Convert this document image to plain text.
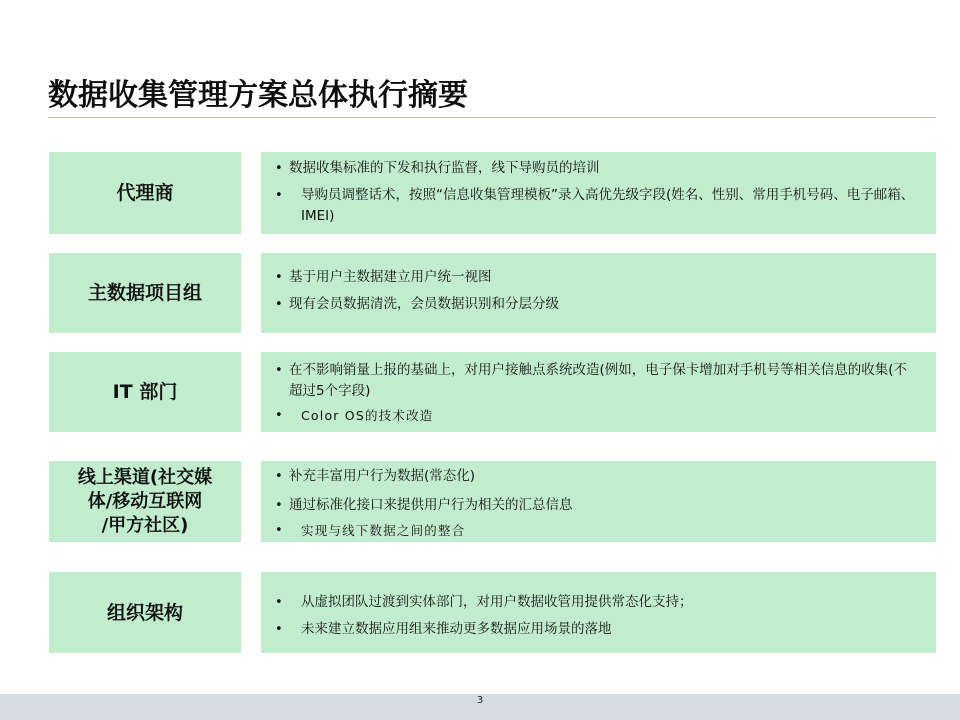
数据收集管理方案总体执行摘要
代理商
• 数据收集标准的下发和执行监督，线下导购员的培训
•	导购员调整话术，按照“信息收集管理模板”录入高优先级字段(姓名、性别、常用手机号码、电子邮箱、 IMEI)
主数据项目组
• 基于用户主数据建立用户统一视图
• 现有会员数据清洗，会员数据识别和分层分级
IT 部门
• 在不影响销量上报的基础上，对用户接触点系统改造(例如，电子保卡增加对手机号等相关信息的收集(不超过5个字段)
•	Color OS的技术改造
线上渠道(社交媒
体/移动互联网
/甲方社区)
• 补充丰富用户行为数据(常态化)
• 通过标准化接口来提供用户行为相关的汇总信息
•	实现与线下数据之间的整合
组织架构	•	从虚拟团队过渡到实体部门，对用户数据收管用提供常态化支持；
•	未来建立数据应用组来推动更多数据应用场景的落地
3
